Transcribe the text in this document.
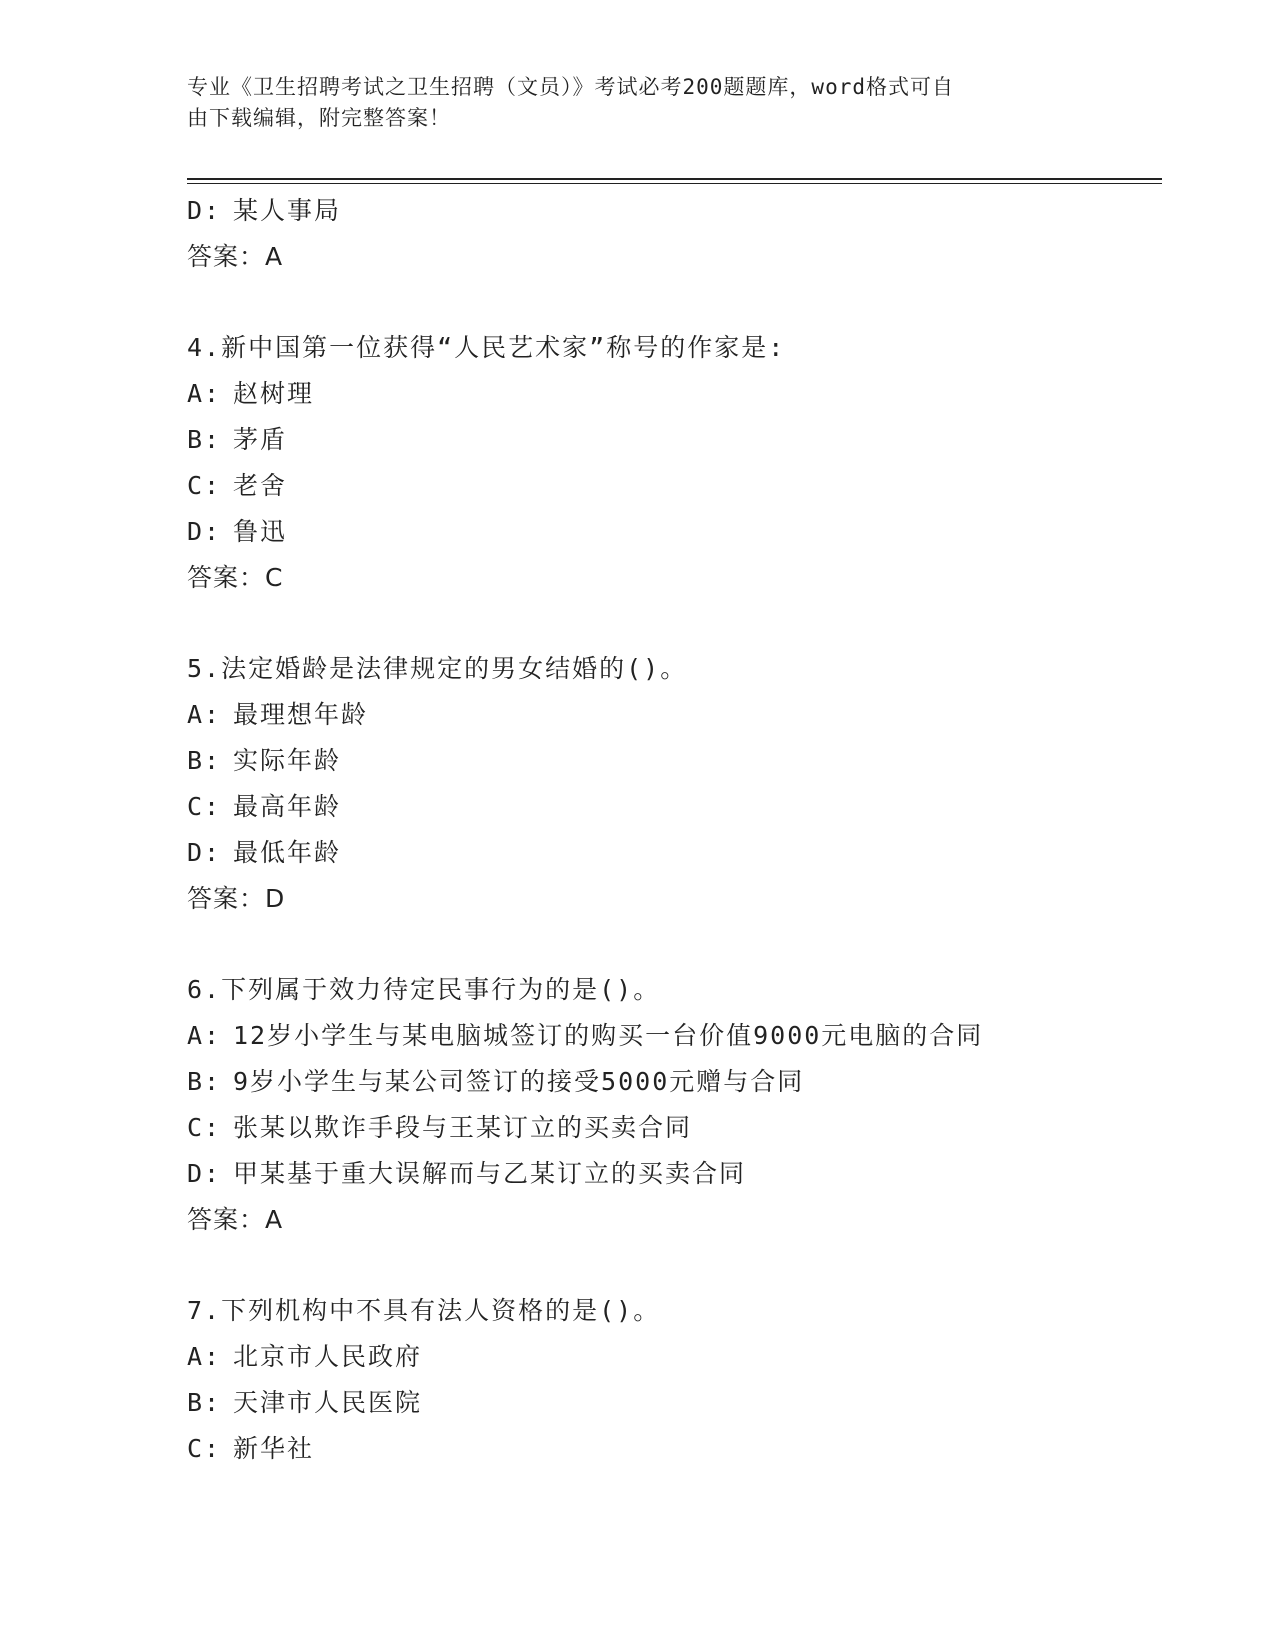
专业《卫生招聘考试之卫生招聘（文员）》考试必考200题题库，word格式可自
由下载编辑，附完整答案！
D: 某人事局
答案：A
4.新中国第一位获得“人民艺术家”称号的作家是:
A: 赵树理
B: 茅盾
C: 老舍
D: 鲁迅
答案：C
5.法定婚龄是法律规定的男女结婚的()。
A: 最理想年龄
B: 实际年龄
C: 最高年龄
D: 最低年龄
答案：D
6.下列属于效力待定民事行为的是()。
A: 12岁小学生与某电脑城签订的购买一台价值9000元电脑的合同
B: 9岁小学生与某公司签订的接受5000元赠与合同
C: 张某以欺诈手段与王某订立的买卖合同
D: 甲某基于重大误解而与乙某订立的买卖合同
答案：A
7.下列机构中不具有法人资格的是()。
A: 北京市人民政府
B: 天津市人民医院
C: 新华社
